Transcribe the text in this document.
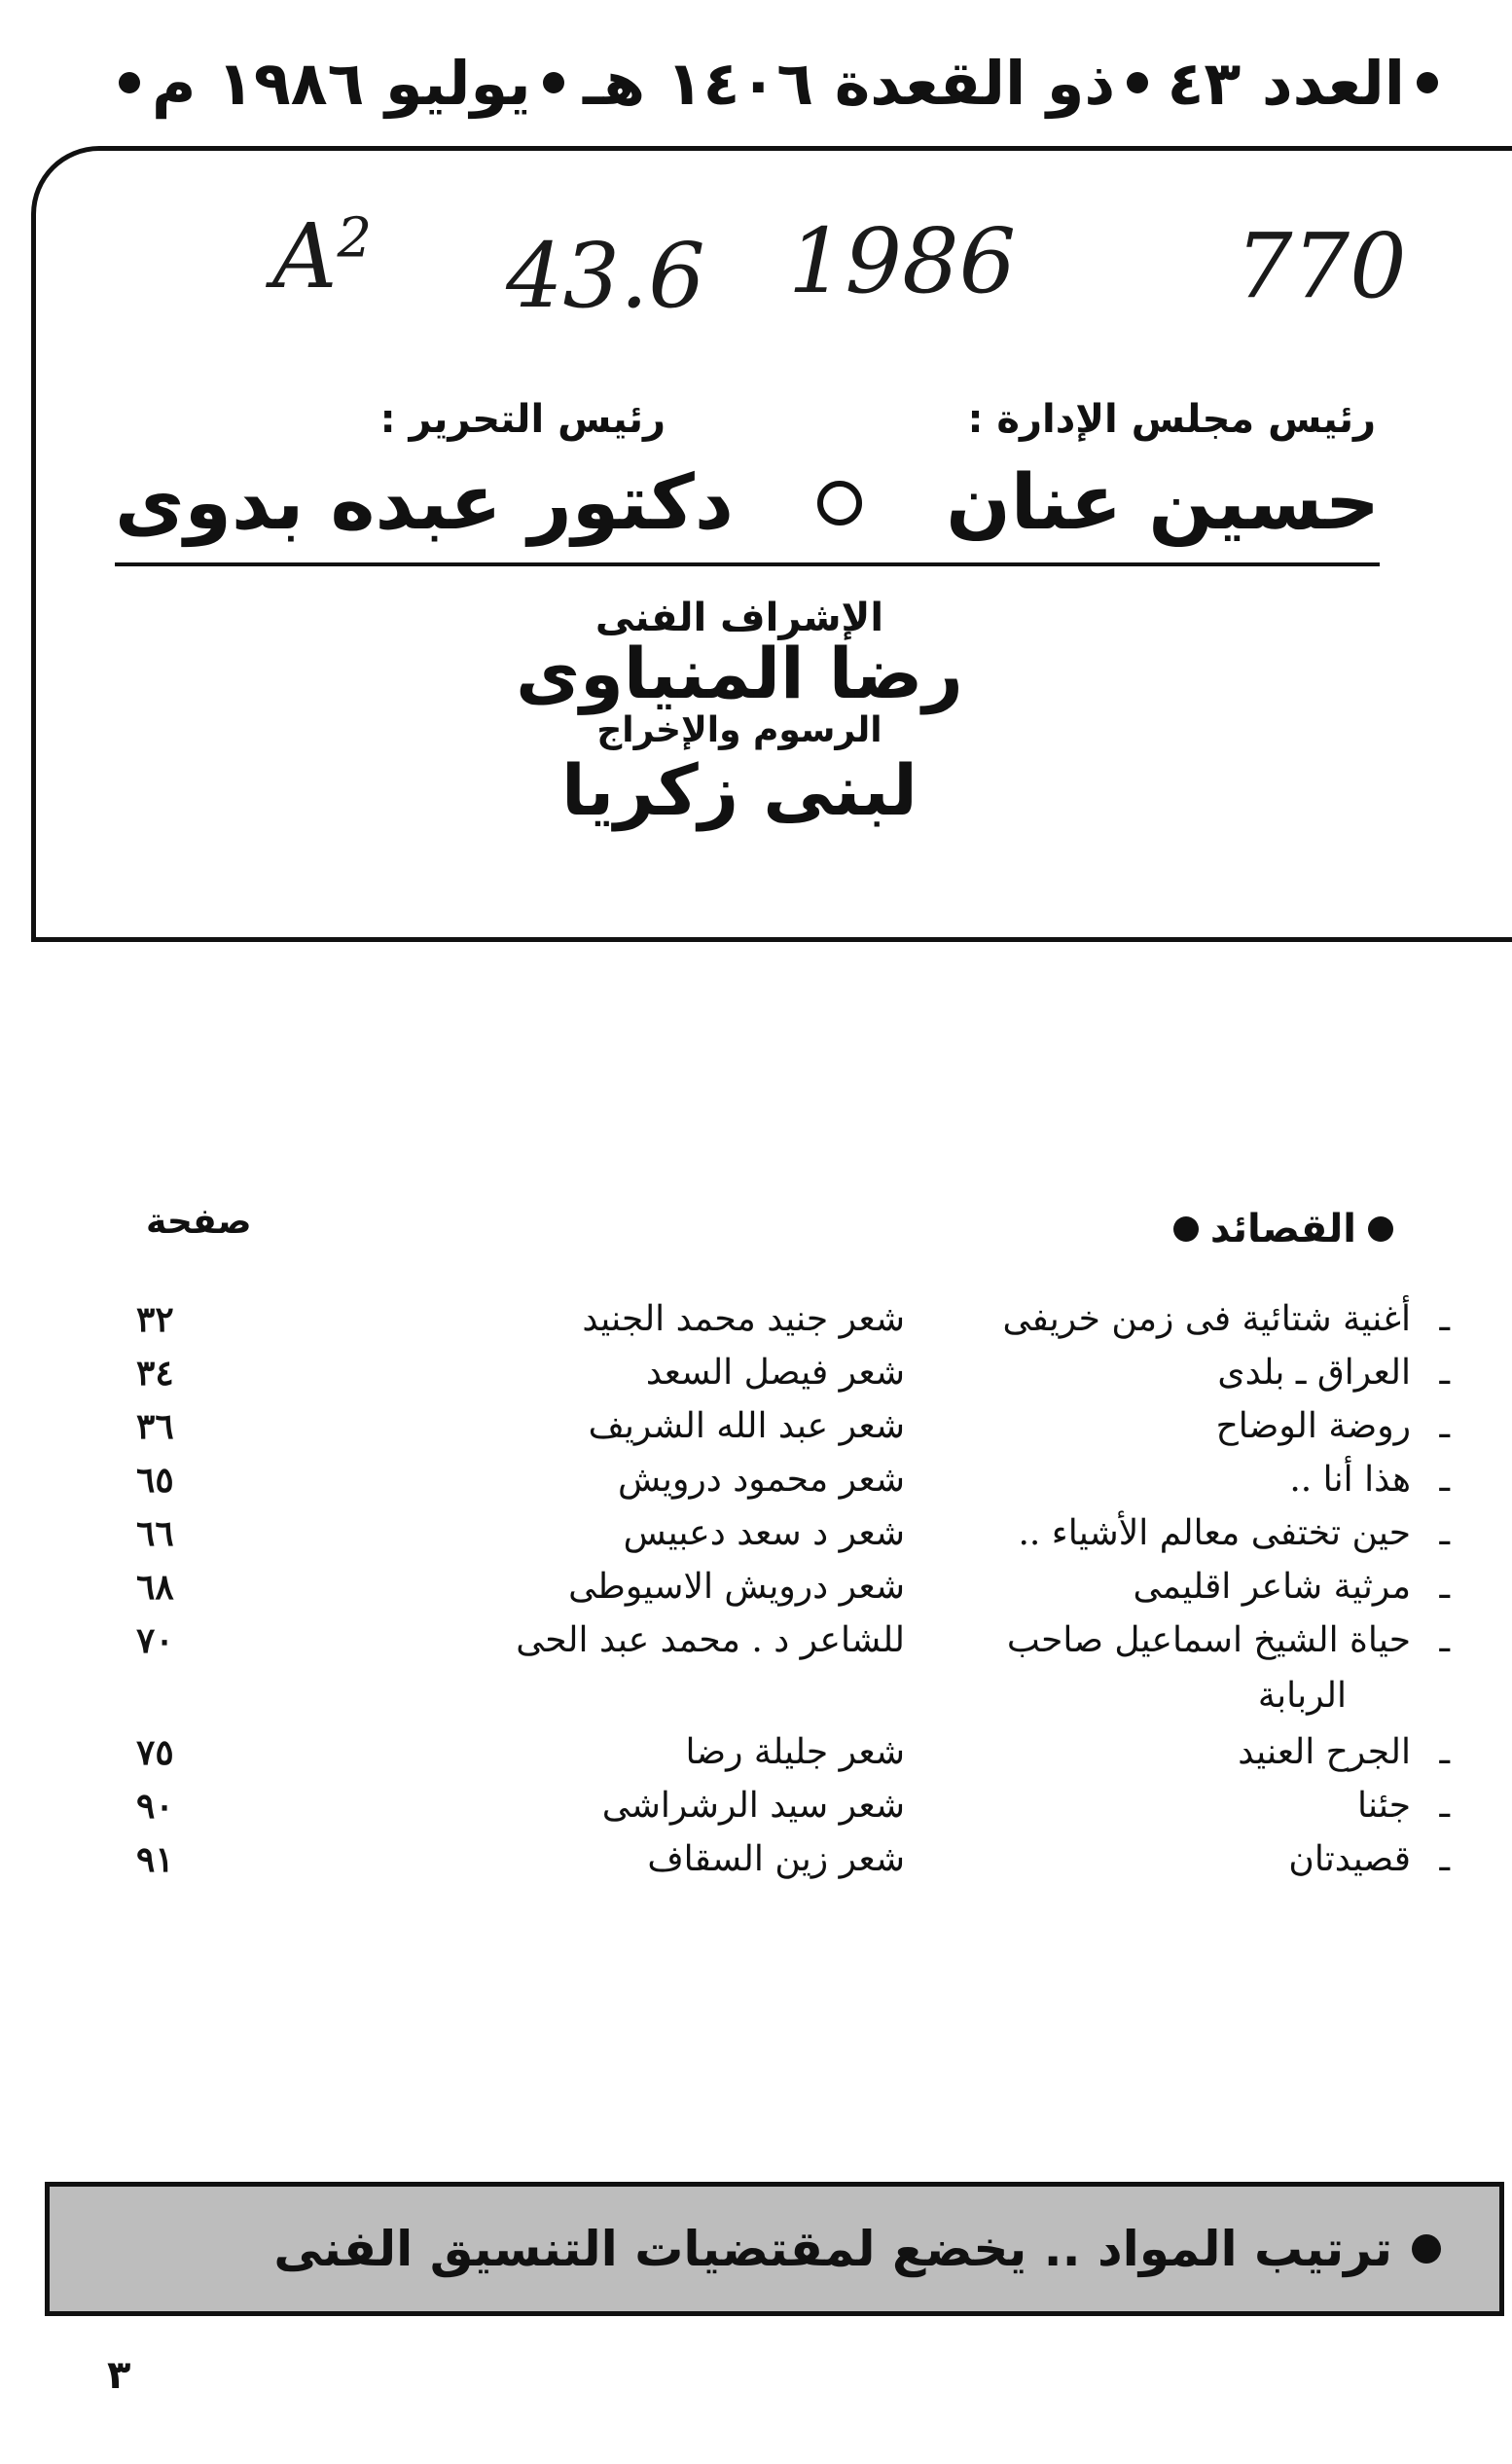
العدد ٤٣
ذو القعدة ١٤٠٦ هـ
يوليو ١٩٨٦ م
$A^2$ 43.6 1986 770
رئيس مجلس الإدارة :
رئيس التحرير :
حسين عنان
دكتور عبده بدوى
الإشراف الفنى
رضا المنياوى
الرسوم والإخراج
لبنى زكريا
صفحة	القصائد
ـ
أغنية شتائية فى زمن خريفى
شعر جنيد محمد الجنيد
٣٢
ـ
العراق ـ بلدى
شعر فيصل السعد
٣٤
ـ
روضة الوضاح
شعر عبد الله الشريف
٣٦
ـ
هذا أنا ..
شعر محمود درويش
٦٥
ـ
حين تختفى معالم الأشياء ..
شعر د سعد دعبيس
٦٦
ـ
مرثية شاعر اقليمى
شعر درويش الاسيوطى
٦٨
ـ
حياة الشيخ اسماعيل صاحب
للشاعر د . محمد عبد الحى
٧٠
الربابة
ـ
الجرح العنيد
شعر جليلة رضا
٧٥
ـ
جئنا
شعر سيد الرشراشى
٩٠
ـ
قصيدتان
شعر زين السقاف
٩١
ترتيب المواد .. يخضع لمقتضيات التنسيق الفنى
٣
